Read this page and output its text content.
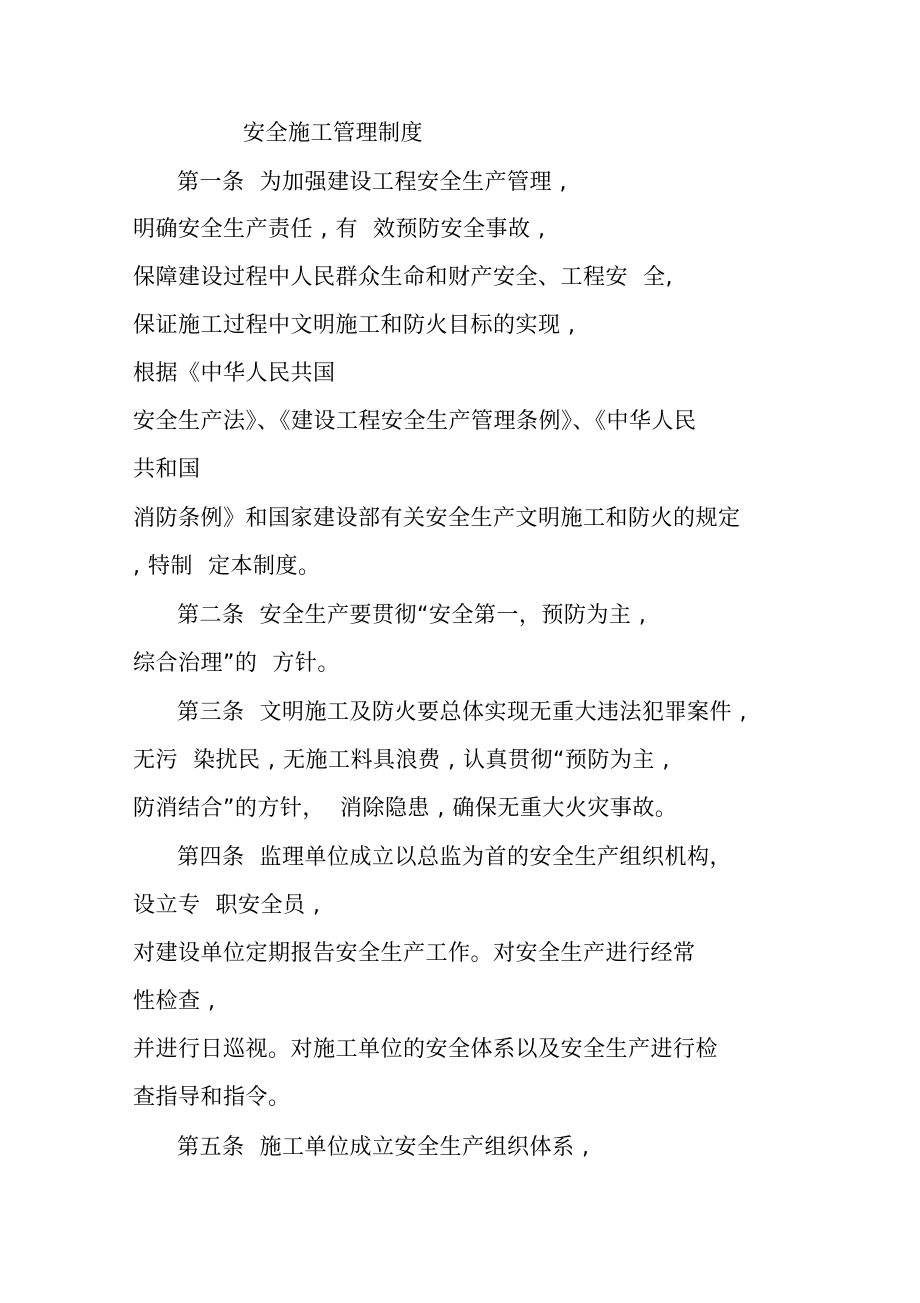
安全施工管理制度
第一条  为加强建设工程安全生产管理 ,
明确安全生产责任 , 有  效预防安全事故 ,
保障建设过程中人民群众生命和财产安全、工程安  全,
保证施工过程中文明施工和防火目标的实现 ,
根据《中华人民共国
安全生产法》、《建设工程安全生产管理条例》、《中华人民
共和国
消防条例》和国家建设部有关安全生产文明施工和防火的规定
, 特制  定本制度。
第二条  安全生产要贯彻“安全第一，预防为主 ,
综合治理”的  方针。
第三条  文明施工及防火要总体实现无重大违法犯罪案件 ,
无污  染扰民 , 无施工料具浪费 , 认真贯彻“预防为主 ,
防消结合”的方针，  消除隐患 , 确保无重大火灾事故。
第四条  监理单位成立以总监为首的安全生产组织机构，
设立专  职安全员 ,
对建设单位定期报告安全生产工作。对安全生产进行经常
性检查 ,
并进行日巡视。对施工单位的安全体系以及安全生产进行检
查指导和指令。
第五条  施工单位成立安全生产组织体系 ,
